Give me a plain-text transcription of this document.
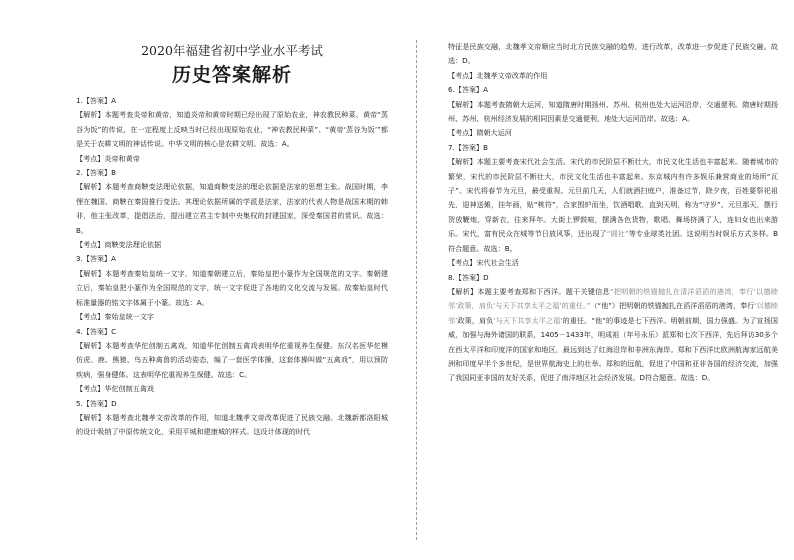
2020年福建省初中学业水平考试

历史答案解析

1.【答案】A

【解析】本题考查炎帝和黄帝，知道炎帝和黄帝时期已经出现了原始农业，神农教民种菜、黄帝“蒸谷为饭”的传说，在一定程度上反映当时已经出现原始农业，“神农教民种菜”、“黄帝‘蒸谷为饭’”都是关于农耕文明的神话传说。中华文明的核心是农耕文明。故选：A。

【考点】炎帝和黄帝

2.【答案】B

【解析】本题考查商鞅变法理论依据，知道商鞅变法的理论依据是法家的思想主张。战国时期，李悝在魏国、商鞅在秦国推行变法。其理论依据所属的学派是法家，法家的代表人物是战国末期的韩非，他主张改革，提倡法治，提出建立君主专制中央集权的封建国家，深受秦国君的赏识。故选：B。

【考点】商鞅变法理论依据

3.【答案】A

【解析】本题考查秦始皇统一文字，知道秦朝建立后，秦始皇把小篆作为全国规范的文字。秦朝建立后，秦始皇把小篆作为全国规范的文字，统一文字促进了各地的文化交流与发展。故秦始皇时代标准量器的铭文字体属于小篆。故选：A。

【考点】秦始皇统一文字

4.【答案】C

【解析】本题考查华佗创制五禽戏，知道华佗创制五禽戏表明华佗重视养生保健。东汉名医华佗模仿虎、鹿、熊猿、鸟五种禽兽的活动姿态，编了一套医学体操，这套体操叫做“五禽戏”，用以预防疾病，强身健体。这表明华佗重视养生保健。故选：C。

【考点】华佗创制五禽戏

5.【答案】D

【解析】本题考查北魏孝文帝改革的作用，知道北魏孝文帝改革促进了民族交融。北魏新都洛阳城的设计吸纳了中原传统文化，采用平城和建康城的样式。这设计体现的时代

特征是民族交融，北魏孝文帝顺应当时北方民族交融的趋势，进行改革，改革进一步促进了民族交融。故选：D。

【考点】北魏孝文帝改革的作用

6.【答案】A

【解析】本题考查隋朝大运河，知道隋唐时期扬州、苏州、杭州也处大运河沿岸，交通便利。隋唐时期扬州、苏州、杭州经济发展的相同因素是交通便利，地处大运河沿岸。故选：A。

【考点】隋朝大运河

7.【答案】B

【解析】本题主要考查宋代社会生活。宋代的市民阶层不断壮大，市民文化生活也丰富起来。随着城市的繁荣，宋代的市民阶层不断壮大，市民文化生活也丰富起来。东京城内有许多娱乐兼营商业的场所“瓦子”。宋代将春节为元旦，最受重视。元旦前几天，人们就酒扫庭户，准备过节，除夕夜，百姓要祭祀祖先，迎神送傩，挂年画，贴“桃符”，合家围炉而坐，饮酒唱歌，直到天明，称为“守岁”。元旦那天，摆行贺放鞭炮，穿新衣，往来拜年。大街上锣鼓喧，摆满各色货物，歌唱、舞场挤满了人，连妇女也出来游乐。宋代，富有民众在城等节日放风筝，还出现了“圆社”等专业球类社团。这说明当时娱乐方式多样。B符合题意。故选：B。

【考点】宋代社会生活

8.【答案】D

【解析】本题主要考查郑和下西洋。题干关键信息“把明朝的铁锚抛扎在清洋滔滔的港湾，奉行‘以德睦邻’政策，肩负‘与天下共享太平之福’的重任。”（“他”）把明朝的铁锚抛扎在滔洋滔滔的港湾，奉行‘以德睦邻’政策，肩负‘与天下共享太平之福’的重任。“他”的事迹是七下西洋。明朝前期，国力强盛。为了宣扬国威，加强与海外诸国的联系，1405－1433年，明成祖（年号永乐）派郑和七次下西洋，先后拜访30多个在西太平洋和印度洋的国家和地区，最远到达了红海沿岸和非洲东海岸。郑和下西洋比欧洲航海家远航美洲和印度早半个多世纪，是世界航海史上的壮举。郑和的远航，促进了中国和亚非各国的经济交流，加强了我国同亚非国的友好关系，促进了南洋地区社会经济发展。D符合题意。故选：D。
